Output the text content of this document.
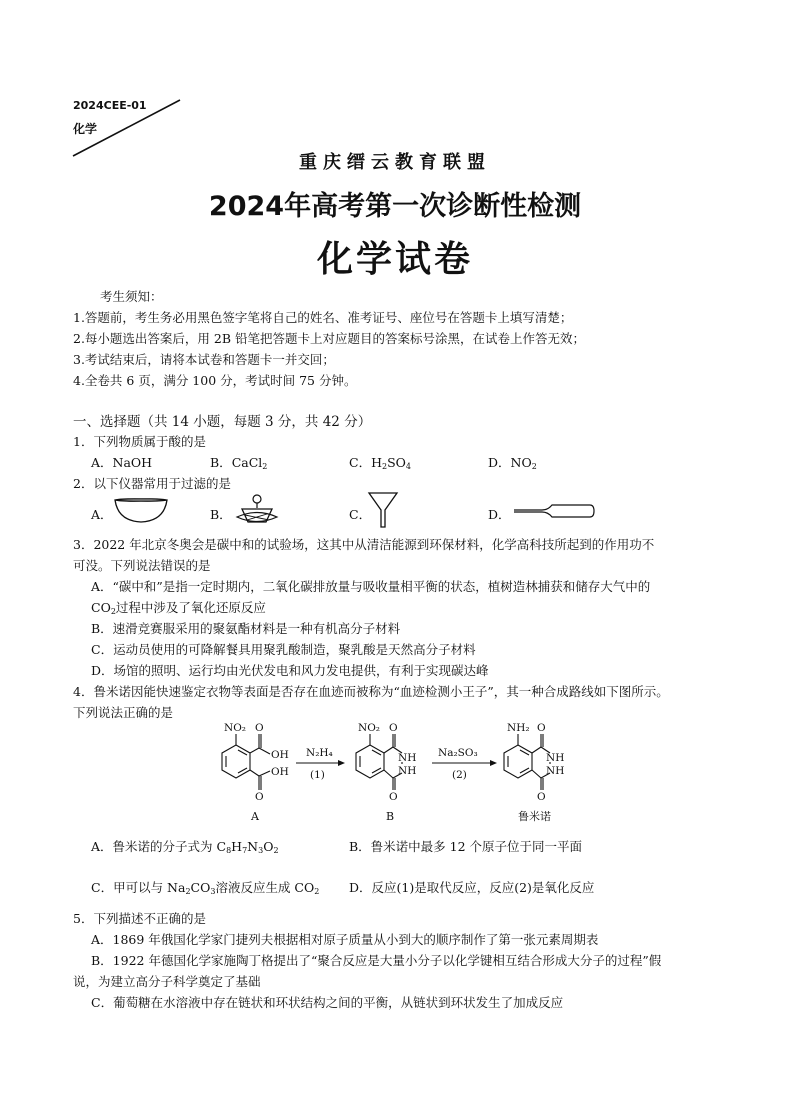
2024CEE-01
化学
重庆缙云教育联盟
2024年高考第一次诊断性检测
化学试卷
考生须知：
1.答题前，考生务必用黑色签字笔将自己的姓名、准考证号、座位号在答题卡上填写清楚；
2.每小题选出答案后，用 2B 铅笔把答题卡上对应题目的答案标号涂黑，在试卷上作答无效；
3.考试结束后，请将本试卷和答题卡一并交回；
4.全卷共 6 页，满分 100 分，考试时间 75 分钟。
一、选择题（共 14 小题，每题 3 分，共 42 分）
1．下列物质属于酸的是
A．NaOH	B．CaCl$_2$	C．$H_2SO_4$	D．$NO_2$
2．以下仪器常用于过滤的是
A．	B．	C．	D．
3．2022 年北京冬奥会是碳中和的试验场，这其中从清洁能源到环保材料，化学高科技所起到的作用功不
可没。下列说法错误的是
A．“碳中和”是指一定时期内，二氧化碳排放量与吸收量相平衡的状态，植树造林捕获和储存大气中的
$CO_2$过程中涉及了氧化还原反应
B．速滑竞赛服采用的聚氨酯材料是一种有机高分子材料
C．运动员使用的可降解餐具用聚乳酸制造，聚乳酸是天然高分子材料
D．场馆的照明、运行均由光伏发电和风力发电提供，有利于实现碳达峰
4．鲁米诺因能快速鉴定衣物等表面是否存在血迹而被称为“血迹检测小王子”，其一种合成路线如下图所示。
下列说法正确的是
NO₂ O
OH
OH
O
A
N₂H₄
(1)
NO₂ O
NH
NH
O
B
Na₂SO₃
(2)
NH₂ O
NH
NH
O
鲁米诺
A．鲁米诺的分子式为 $C_8H_7N_3O_2$	B．鲁米诺中最多 12 个原子位于同一平面
C．甲可以与 $Na_2CO_3$溶液反应生成 $CO_2$ D．反应(1)是取代反应，反应(2)是氧化反应
5．下列描述不正确的是
A．1869 年俄国化学家门捷列夫根据相对原子质量从小到大的顺序制作了第一张元素周期表
B．1922 年德国化学家施陶丁格提出了“聚合反应是大量小分子以化学键相互结合形成大分子的过程”假
说，为建立高分子科学奠定了基础
C．葡萄糖在水溶液中存在链状和环状结构之间的平衡，从链状到环状发生了加成反应
